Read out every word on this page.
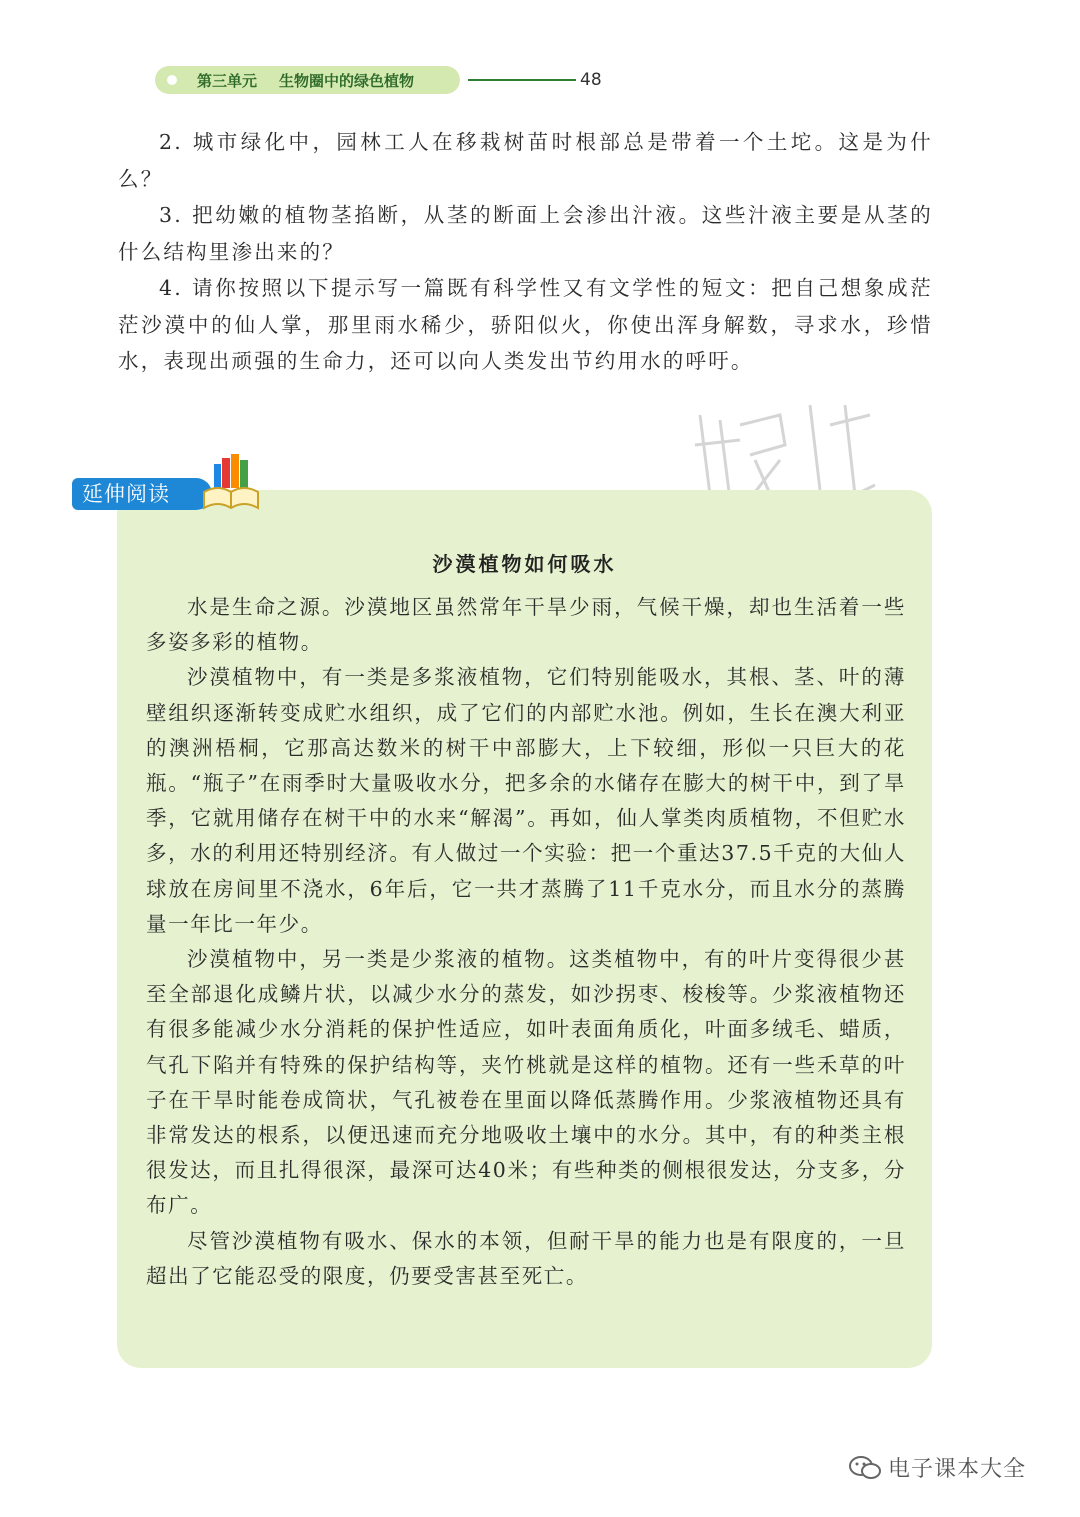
第三单元 生物圈中的绿色植物	48

2. 城市绿化中，园林工人在移栽树苗时根部总是带着一个土坨。这是为什么？

3. 把幼嫩的植物茎掐断，从茎的断面上会渗出汁液。这些汁液主要是从茎的什么结构里渗出来的？

4. 请你按照以下提示写一篇既有科学性又有文学性的短文：把自己想象成茫茫沙漠中的仙人掌，那里雨水稀少，骄阳似火，你使出浑身解数，寻求水，珍惜水，表现出顽强的生命力，还可以向人类发出节约用水的呼吁。

延伸阅读
沙漠植物如何吸水

水是生命之源。沙漠地区虽然常年干旱少雨，气候干燥，却也生活着一些多姿多彩的植物。

沙漠植物中，有一类是多浆液植物，它们特别能吸水，其根、茎、叶的薄壁组织逐渐转变成贮水组织，成了它们的内部贮水池。例如，生长在澳大利亚的澳洲梧桐，它那高达数米的树干中部膨大，上下较细，形似一只巨大的花瓶。“瓶子”在雨季时大量吸收水分，把多余的水储存在膨大的树干中，到了旱季，它就用储存在树干中的水来“解渴”。再如，仙人掌类肉质植物，不但贮水多，水的利用还特别经济。有人做过一个实验：把一个重达37.5千克的大仙人球放在房间里不浇水，6年后，它一共才蒸腾了11千克水分，而且水分的蒸腾量一年比一年少。

沙漠植物中，另一类是少浆液的植物。这类植物中，有的叶片变得很少甚至全部退化成鳞片状，以减少水分的蒸发，如沙拐枣、梭梭等。少浆液植物还有很多能减少水分消耗的保护性适应，如叶表面角质化，叶面多绒毛、蜡质，气孔下陷并有特殊的保护结构等，夹竹桃就是这样的植物。还有一些禾草的叶子在干旱时能卷成筒状，气孔被卷在里面以降低蒸腾作用。少浆液植物还具有非常发达的根系，以便迅速而充分地吸收土壤中的水分。其中，有的种类主根很发达，而且扎得很深，最深可达40米；有些种类的侧根很发达，分支多，分布广。

尽管沙漠植物有吸水、保水的本领，但耐干旱的能力也是有限度的，一旦超出了它能忍受的限度，仍要受害甚至死亡。

电子课本大全
